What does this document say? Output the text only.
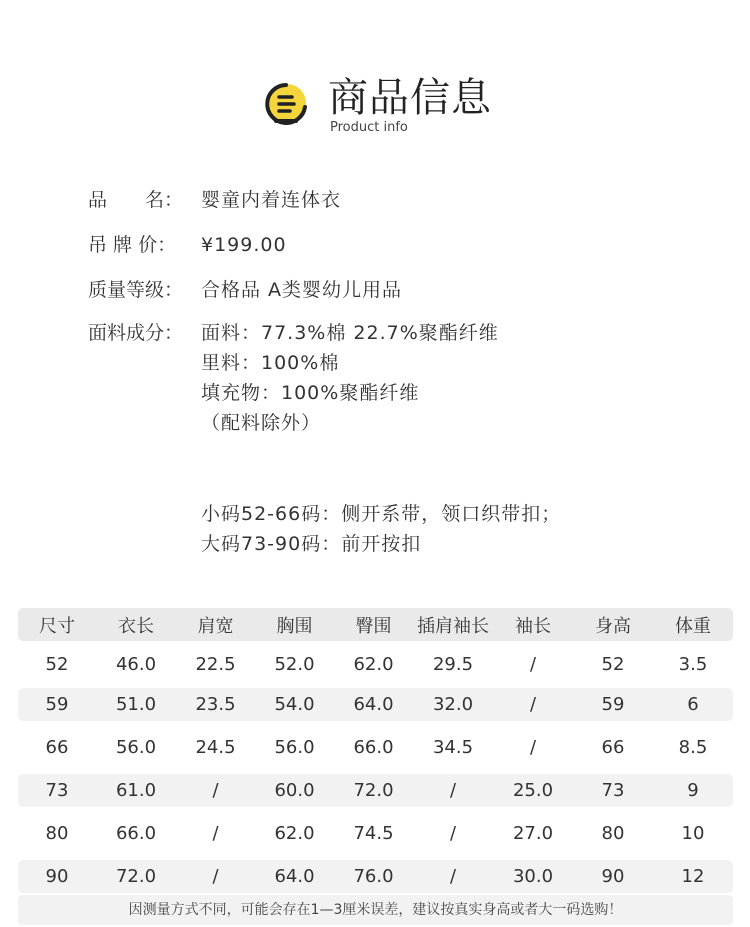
商品信息
Product info
品　　名： 婴童内着连体衣
吊 牌 价：	¥199.00
质量等级： 合格品 A类婴幼儿用品
面料成分： 面料：77.3%棉 22.7%聚酯纤维
里料：100%棉
填充物：100%聚酯纤维
（配料除外）
小码52-66码：侧开系带，领口织带扣；
大码73-90码：前开按扣
尺寸	衣长	肩宽	胸围	臀围	插肩袖长	袖长	身高	体重
52	46.0	22.5	52.0	62.0	29.5	/	52	3.5
59	51.0	23.5	54.0	64.0	32.0	/	59	6
66	56.0	24.5	56.0	66.0	34.5	/	66	8.5
73	61.0	/	60.0	72.0	/	25.0	73	9
80	66.0	/	62.0	74.5	/	27.0	80	10
90	72.0	/	64.0	76.0	/	30.0	90	12
因测量方式不同，可能会存在1—3厘米误差，建议按真实身高或者大一码选购！
